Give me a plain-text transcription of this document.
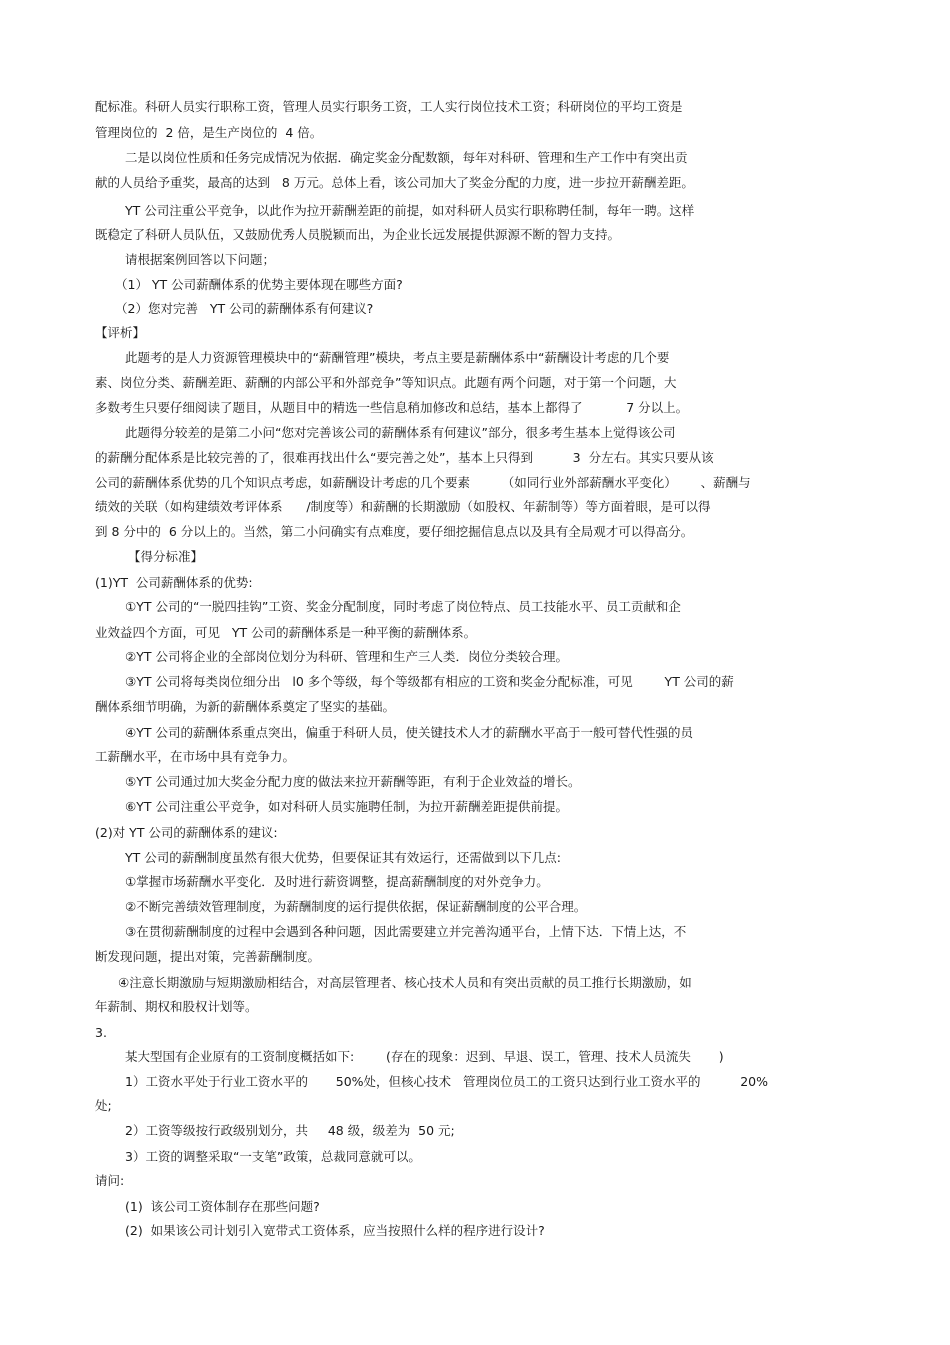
配标准。科研人员实行职称工资，管理人员实行职务工资，工人实行岗位技术工资；科研岗位的平均工资是
管理岗位的  2 倍，是生产岗位的  4 倍。
二是以岗位性质和任务完成情况为依据．确定奖金分配数额，每年对科研、管理和生产工作中有突出贡
献的人员给予重奖，最高的达到   8 万元。总体上看，该公司加大了奖金分配的力度，进一步拉开薪酬差距。
YT 公司注重公平竞争，以此作为拉开薪酬差距的前提，如对科研人员实行职称聘任制，每年一聘。这样
既稳定了科研人员队伍，又鼓励优秀人员脱颖而出，为企业长远发展提供源源不断的智力支持。
请根据案例回答以下问题；
（1） YT 公司薪酬体系的优势主要体现在哪些方面?
（2）您对完善   YT 公司的薪酬体系有何建议?
【评析】
此题考的是人力资源管理模块中的“薪酬管理”模块，考点主要是薪酬体系中“薪酬设计考虑的几个要
素、岗位分类、薪酬差距、薪酬的内部公平和外部竞争”等知识点。此题有两个问题，对于第一个问题，大
多数考生只要仔细阅读了题目，从题目中的精选一些信息稍加修改和总结，基本上都得了           7 分以上。
此题得分较差的是第二小问“您对完善该公司的薪酬体系有何建议”部分，很多考生基本上觉得该公司
的薪酬分配体系是比较完善的了，很难再找出什么“要完善之处”，基本上只得到          3  分左右。其实只要从该
公司的薪酬体系优势的几个知识点考虑，如薪酬设计考虑的几个要素        （如同行业外部薪酬水平变化）      、薪酬与
绩效的关联（如构建绩效考评体系      /制度等）和薪酬的长期激励（如股权、年薪制等）等方面着眼，是可以得
到 8 分中的  6 分以上的。当然，第二小问确实有点难度，要仔细挖掘信息点以及具有全局观才可以得高分。
【得分标准】
(1)YT  公司薪酬体系的优势:
①YT 公司的“一脱四挂钩”工资、奖金分配制度，同时考虑了岗位特点、员工技能水平、员工贡献和企
业效益四个方面，可见   YT 公司的薪酬体系是一种平衡的薪酬体系。
②YT 公司将企业的全部岗位划分为科研、管理和生产三人类．岗位分类较合理。
③YT 公司将每类岗位细分出   l0 多个等级，每个等级都有相应的工资和奖金分配标准，可见        YT 公司的薪
酬体系细节明确，为新的薪酬体系奠定了坚实的基础。
④YT 公司的薪酬体系重点突出，偏重于科研人员，使关键技术人才的薪酬水平高于一般可替代性强的员
工薪酬水平，在市场中具有竞争力。
⑤YT 公司通过加大奖金分配力度的做法来拉开薪酬等距，有利于企业效益的增长。
⑥YT 公司注重公平竞争，如对科研人员实施聘任制，为拉开薪酬差距提供前提。
(2)对 YT 公司的薪酬体系的建议:
YT 公司的薪酬制度虽然有很大优势，但要保证其有效运行，还需做到以下几点:
①掌握市场薪酬水平变化．及时进行薪资调整，提高薪酬制度的对外竞争力。
②不断完善绩效管理制度，为薪酬制度的运行提供依据，保证薪酬制度的公平合理。
③在贯彻薪酬制度的过程中会遇到各种问题，因此需要建立并完善沟通平台，上情下达．下情上达，不
断发现问题，提出对策，完善薪酬制度。
④注意长期激励与短期激励相结合，对高层管理者、核心技术人员和有突出贡献的员工推行长期激励，如
年薪制、期权和股权计划等。
3.
某大型国有企业原有的工资制度概括如下:        (存在的现象：迟到、早退、误工，管理、技术人员流失       )
1）工资水平处于行业工资水平的       50%处，但核心技术   管理岗位员工的工资只达到行业工资水平的          20%
处;
2）工资等级按行政级别划分，共     48 级，级差为  50 元;
3）工资的调整采取“一支笔”政策，总裁同意就可以。
请问:
(1)  该公司工资体制存在那些问题?
(2)  如果该公司计划引入宽带式工资体系，应当按照什么样的程序进行设计?
